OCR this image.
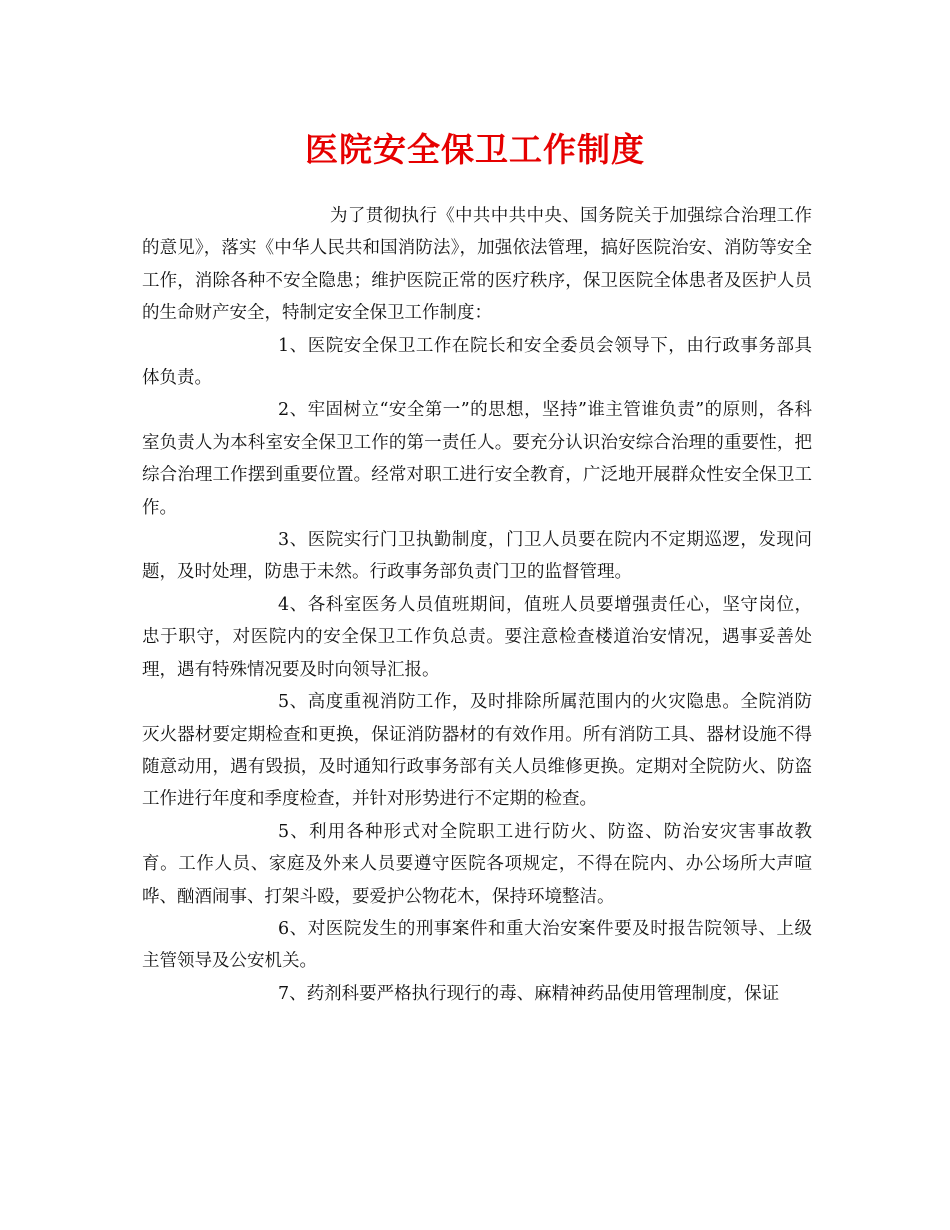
医院安全保卫工作制度

为了贯彻执行《中共中共中央、国务院关于加强综合治理工作的意见》，落实《中华人民共和国消防法》，加强依法管理，搞好医院治安、消防等安全工作，消除各种不安全隐患；维护医院正常的医疗秩序，保卫医院全体患者及医护人员的生命财产安全，特制定安全保卫工作制度：

1、医院安全保卫工作在院长和安全委员会领导下，由行政事务部具体负责。

2、牢固树立“安全第一”的思想，坚持”谁主管谁负责”的原则，各科室负责人为本科室安全保卫工作的第一责任人。要充分认识治安综合治理的重要性，把综合治理工作摆到重要位置。经常对职工进行安全教育，广泛地开展群众性安全保卫工作。

3、医院实行门卫执勤制度，门卫人员要在院内不定期巡逻，发现问题，及时处理，防患于未然。行政事务部负责门卫的监督管理。

4、各科室医务人员值班期间，值班人员要增强责任心，坚守岗位，忠于职守，对医院内的安全保卫工作负总责。要注意检查楼道治安情况，遇事妥善处理，遇有特殊情况要及时向领导汇报。

5、高度重视消防工作，及时排除所属范围内的火灾隐患。全院消防灭火器材要定期检查和更换，保证消防器材的有效作用。所有消防工具、器材设施不得随意动用，遇有毁损，及时通知行政事务部有关人员维修更换。定期对全院防火、防盗工作进行年度和季度检查，并针对形势进行不定期的检查。

5、利用各种形式对全院职工进行防火、防盗、防治安灾害事故教育。工作人员、家庭及外来人员要遵守医院各项规定，不得在院内、办公场所大声喧哗、酗酒闹事、打架斗殴，要爱护公物花木，保持环境整洁。

6、对医院发生的刑事案件和重大治安案件要及时报告院领导、上级主管领导及公安机关。

7、药剂科要严格执行现行的毒、麻精神药品使用管理制度，保证
